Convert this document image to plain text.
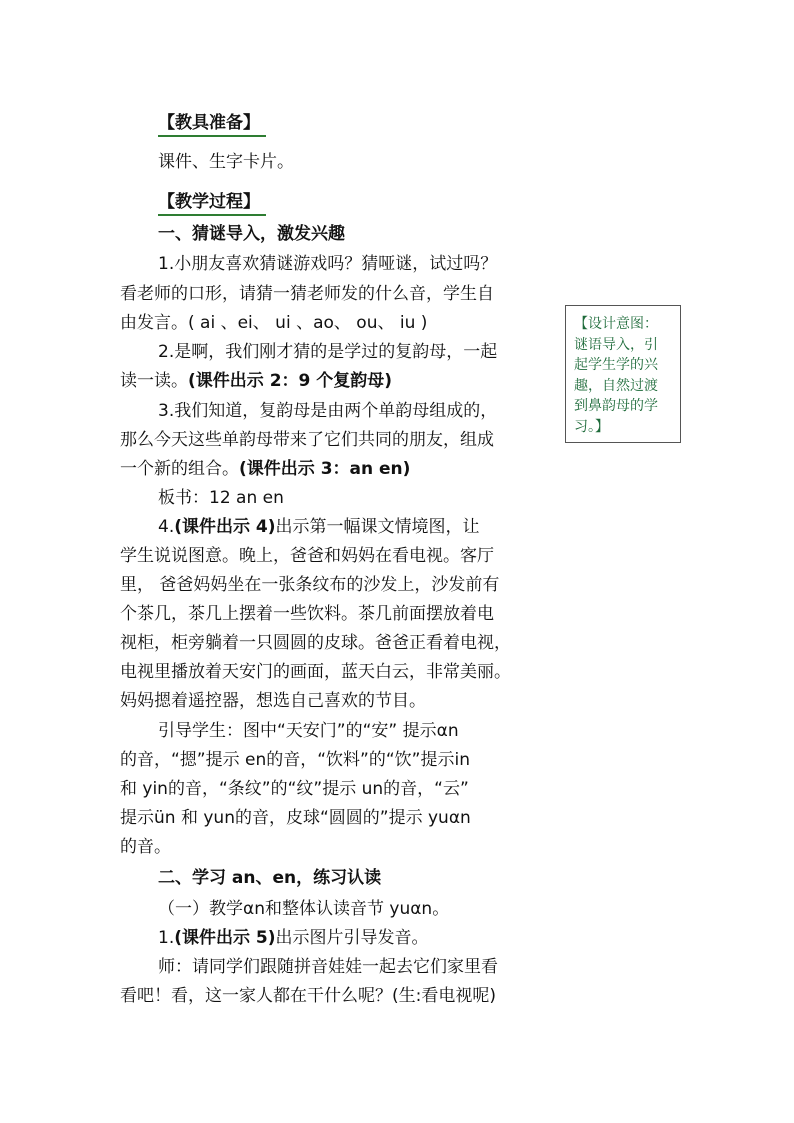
【教具准备】
课件、生字卡片。
【教学过程】
一、猜谜导入，激发兴趣
1.小朋友喜欢猜谜游戏吗？猜哑谜，试过吗？
看老师的口形，请猜一猜老师发的什么音，学生自
由发言。( ai 、ei、 ui 、ao、 ou、 iu )
2.是啊，我们刚才猜的是学过的复韵母，一起
读一读。(课件出示 2：9 个复韵母)
3.我们知道，复韵母是由两个单韵母组成的，
那么今天这些单韵母带来了它们共同的朋友，组成
一个新的组合。(课件出示 3：an en)
板书：12 an en
4.(课件出示 4)出示第一幅课文情境图，让
学生说说图意。晚上，爸爸和妈妈在看电视。客厅
里， 爸爸妈妈坐在一张条纹布的沙发上，沙发前有
个茶几，茶几上摆着一些饮料。茶几前面摆放着电
视柜，柜旁躺着一只圆圆的皮球。爸爸正看着电视，
电视里播放着天安门的画面，蓝天白云，非常美丽。
妈妈摁着遥控器，想选自己喜欢的节目。
引导学生：图中“天安门”的“安” 提示αn
的音，“摁”提示 en的音，“饮料”的“饮”提示in
和 yin的音，“条纹”的“纹”提示 un的音，“云”
提示ün 和 yun的音，皮球“圆圆的”提示 yuαn
的音。
二、学习 an、en，练习认读
（一）教学αn和整体认读音节 yuαn。
1.(课件出示 5)出示图片引导发音。
师：请同学们跟随拼音娃娃一起去它们家里看
看吧！看，这一家人都在干什么呢？(生:看电视呢)
【设计意图：
谜语导入，引
起学生学的兴
趣，自然过渡
到鼻韵母的学
习。】
